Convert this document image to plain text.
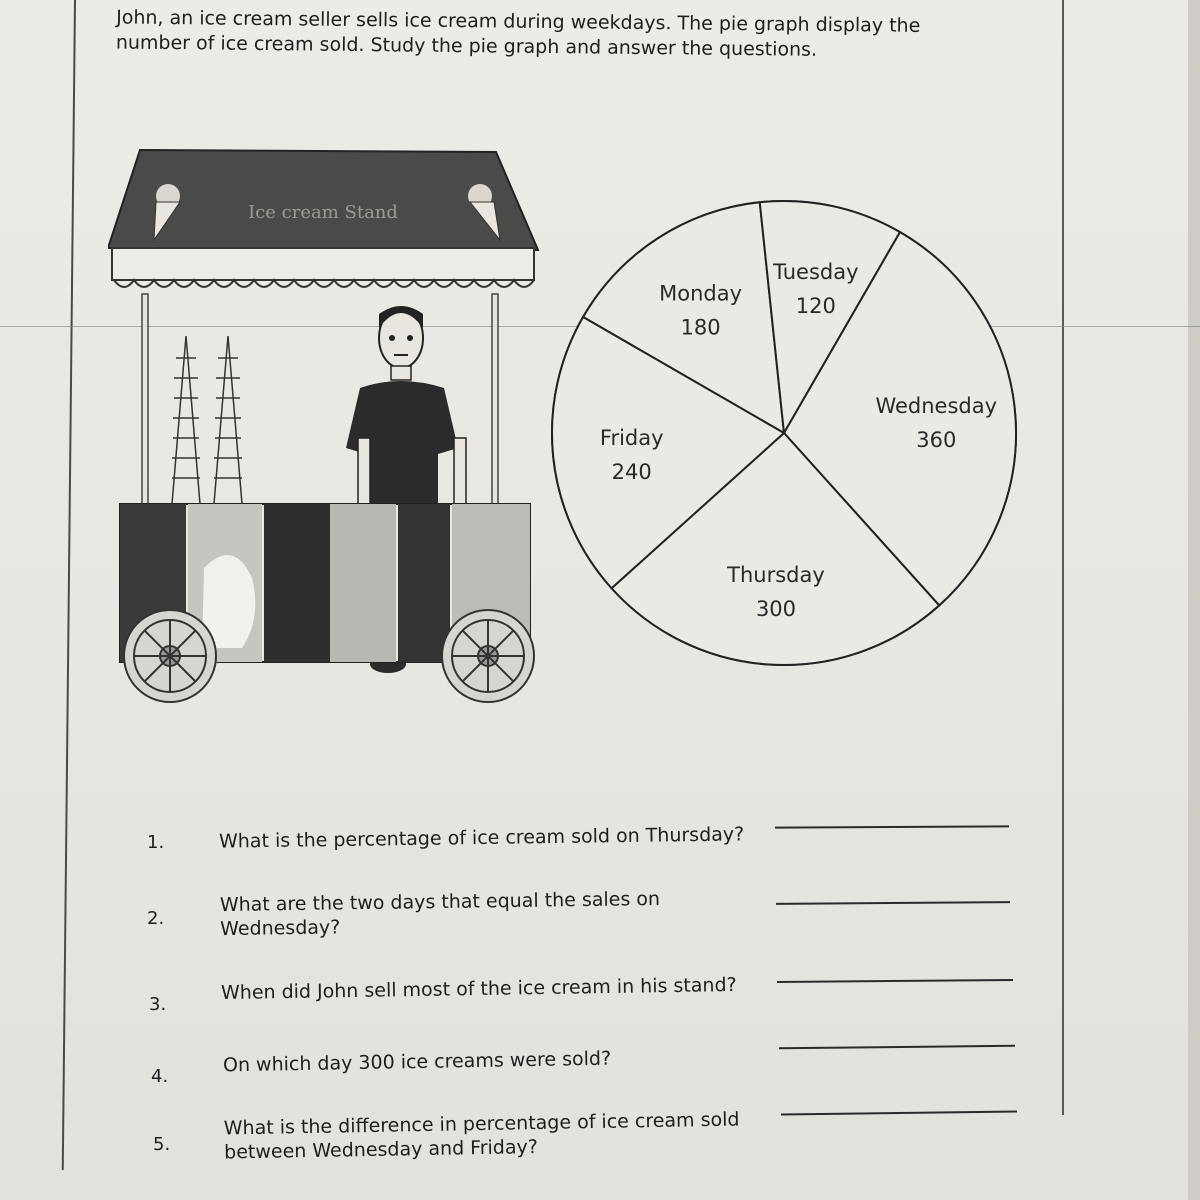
John, an ice cream seller sells ice cream during weekdays. The pie graph display the
number of ice cream sold. Study the pie graph and answer the questions.
Ice cream Stand
Monday
180
Tuesday
120
Wednesday
360
Thursday
300
Friday
240
1.	What is the percentage of ice cream sold on Thursday?
2.
What are the two days that equal the sales on
Wednesday?
3.
When did John sell most of the ice cream in his stand?
4.
On which day 300 ice creams were sold?
5.
What is the difference in percentage of ice cream sold
between Wednesday and Friday?
